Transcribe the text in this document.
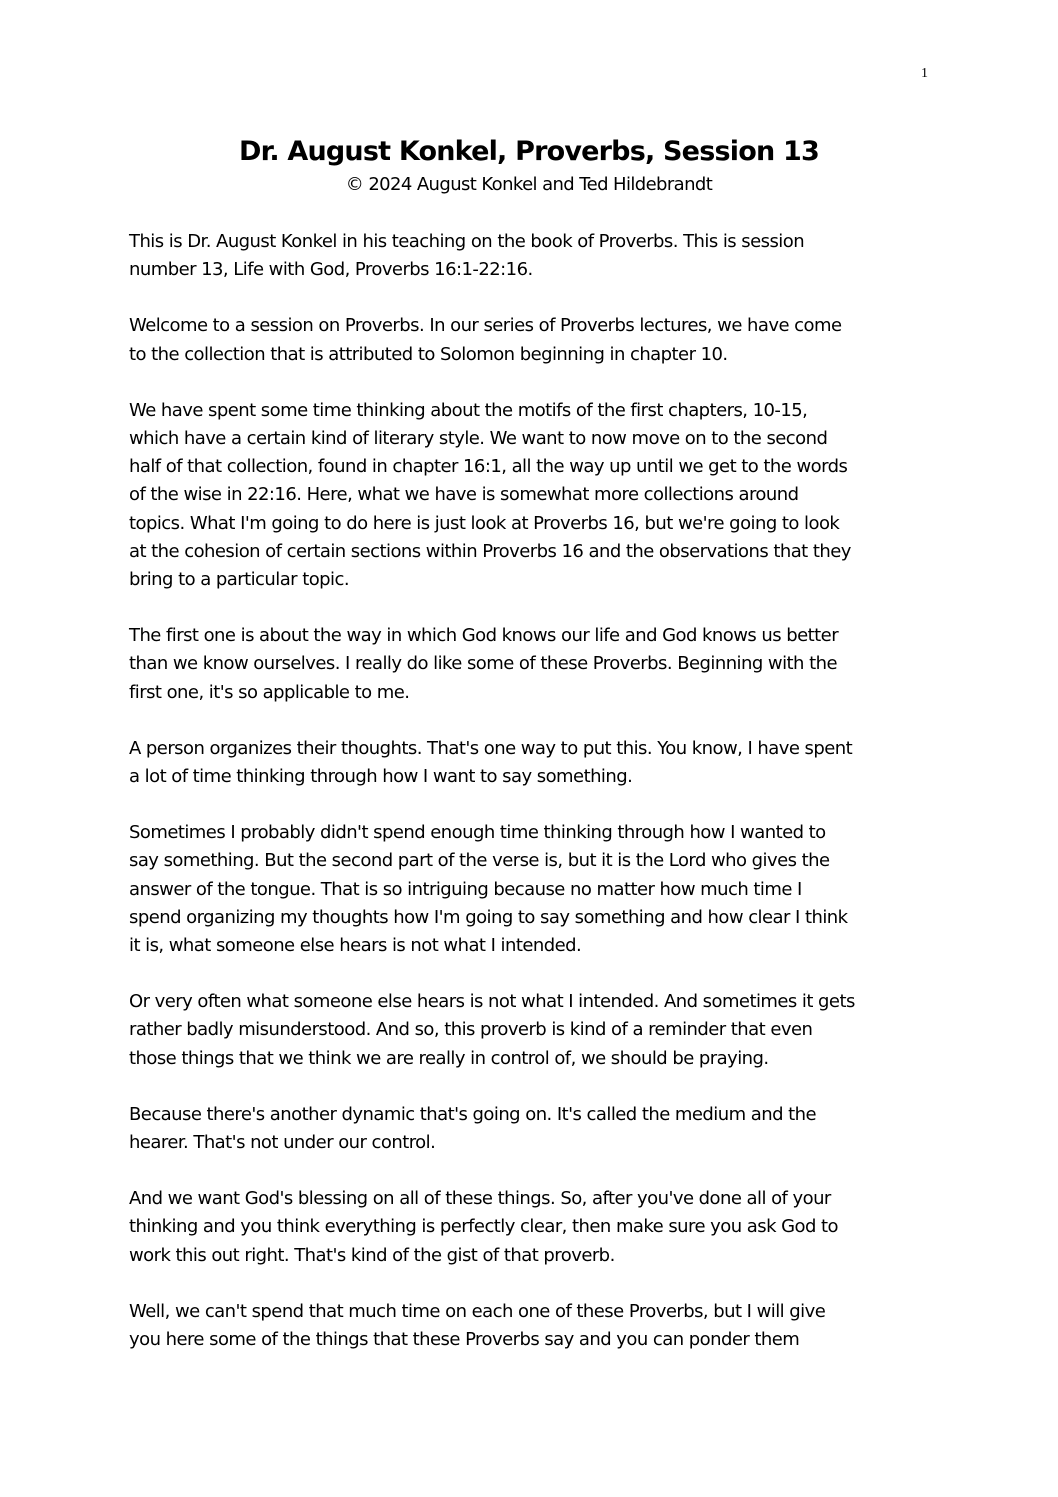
1
Dr. August Konkel, Proverbs, Session 13
© 2024 August Konkel and Ted Hildebrandt

This is Dr. August Konkel in his teaching on the book of Proverbs. This is session
number 13, Life with God, Proverbs 16:1-22:16.

Welcome to a session on Proverbs. In our series of Proverbs lectures, we have come
to the collection that is attributed to Solomon beginning in chapter 10.

We have spent some time thinking about the motifs of the first chapters, 10-15,
which have a certain kind of literary style. We want to now move on to the second
half of that collection, found in chapter 16:1, all the way up until we get to the words
of the wise in 22:16. Here, what we have is somewhat more collections around
topics. What I'm going to do here is just look at Proverbs 16, but we're going to look
at the cohesion of certain sections within Proverbs 16 and the observations that they
bring to a particular topic.

The first one is about the way in which God knows our life and God knows us better
than we know ourselves. I really do like some of these Proverbs. Beginning with the
first one, it's so applicable to me.

A person organizes their thoughts. That's one way to put this. You know, I have spent
a lot of time thinking through how I want to say something.

Sometimes I probably didn't spend enough time thinking through how I wanted to
say something. But the second part of the verse is, but it is the Lord who gives the
answer of the tongue. That is so intriguing because no matter how much time I
spend organizing my thoughts how I'm going to say something and how clear I think
it is, what someone else hears is not what I intended.

Or very often what someone else hears is not what I intended. And sometimes it gets
rather badly misunderstood. And so, this proverb is kind of a reminder that even
those things that we think we are really in control of, we should be praying.

Because there's another dynamic that's going on. It's called the medium and the
hearer. That's not under our control.

And we want God's blessing on all of these things. So, after you've done all of your
thinking and you think everything is perfectly clear, then make sure you ask God to
work this out right. That's kind of the gist of that proverb.

Well, we can't spend that much time on each one of these Proverbs, but I will give
you here some of the things that these Proverbs say and you can ponder them
